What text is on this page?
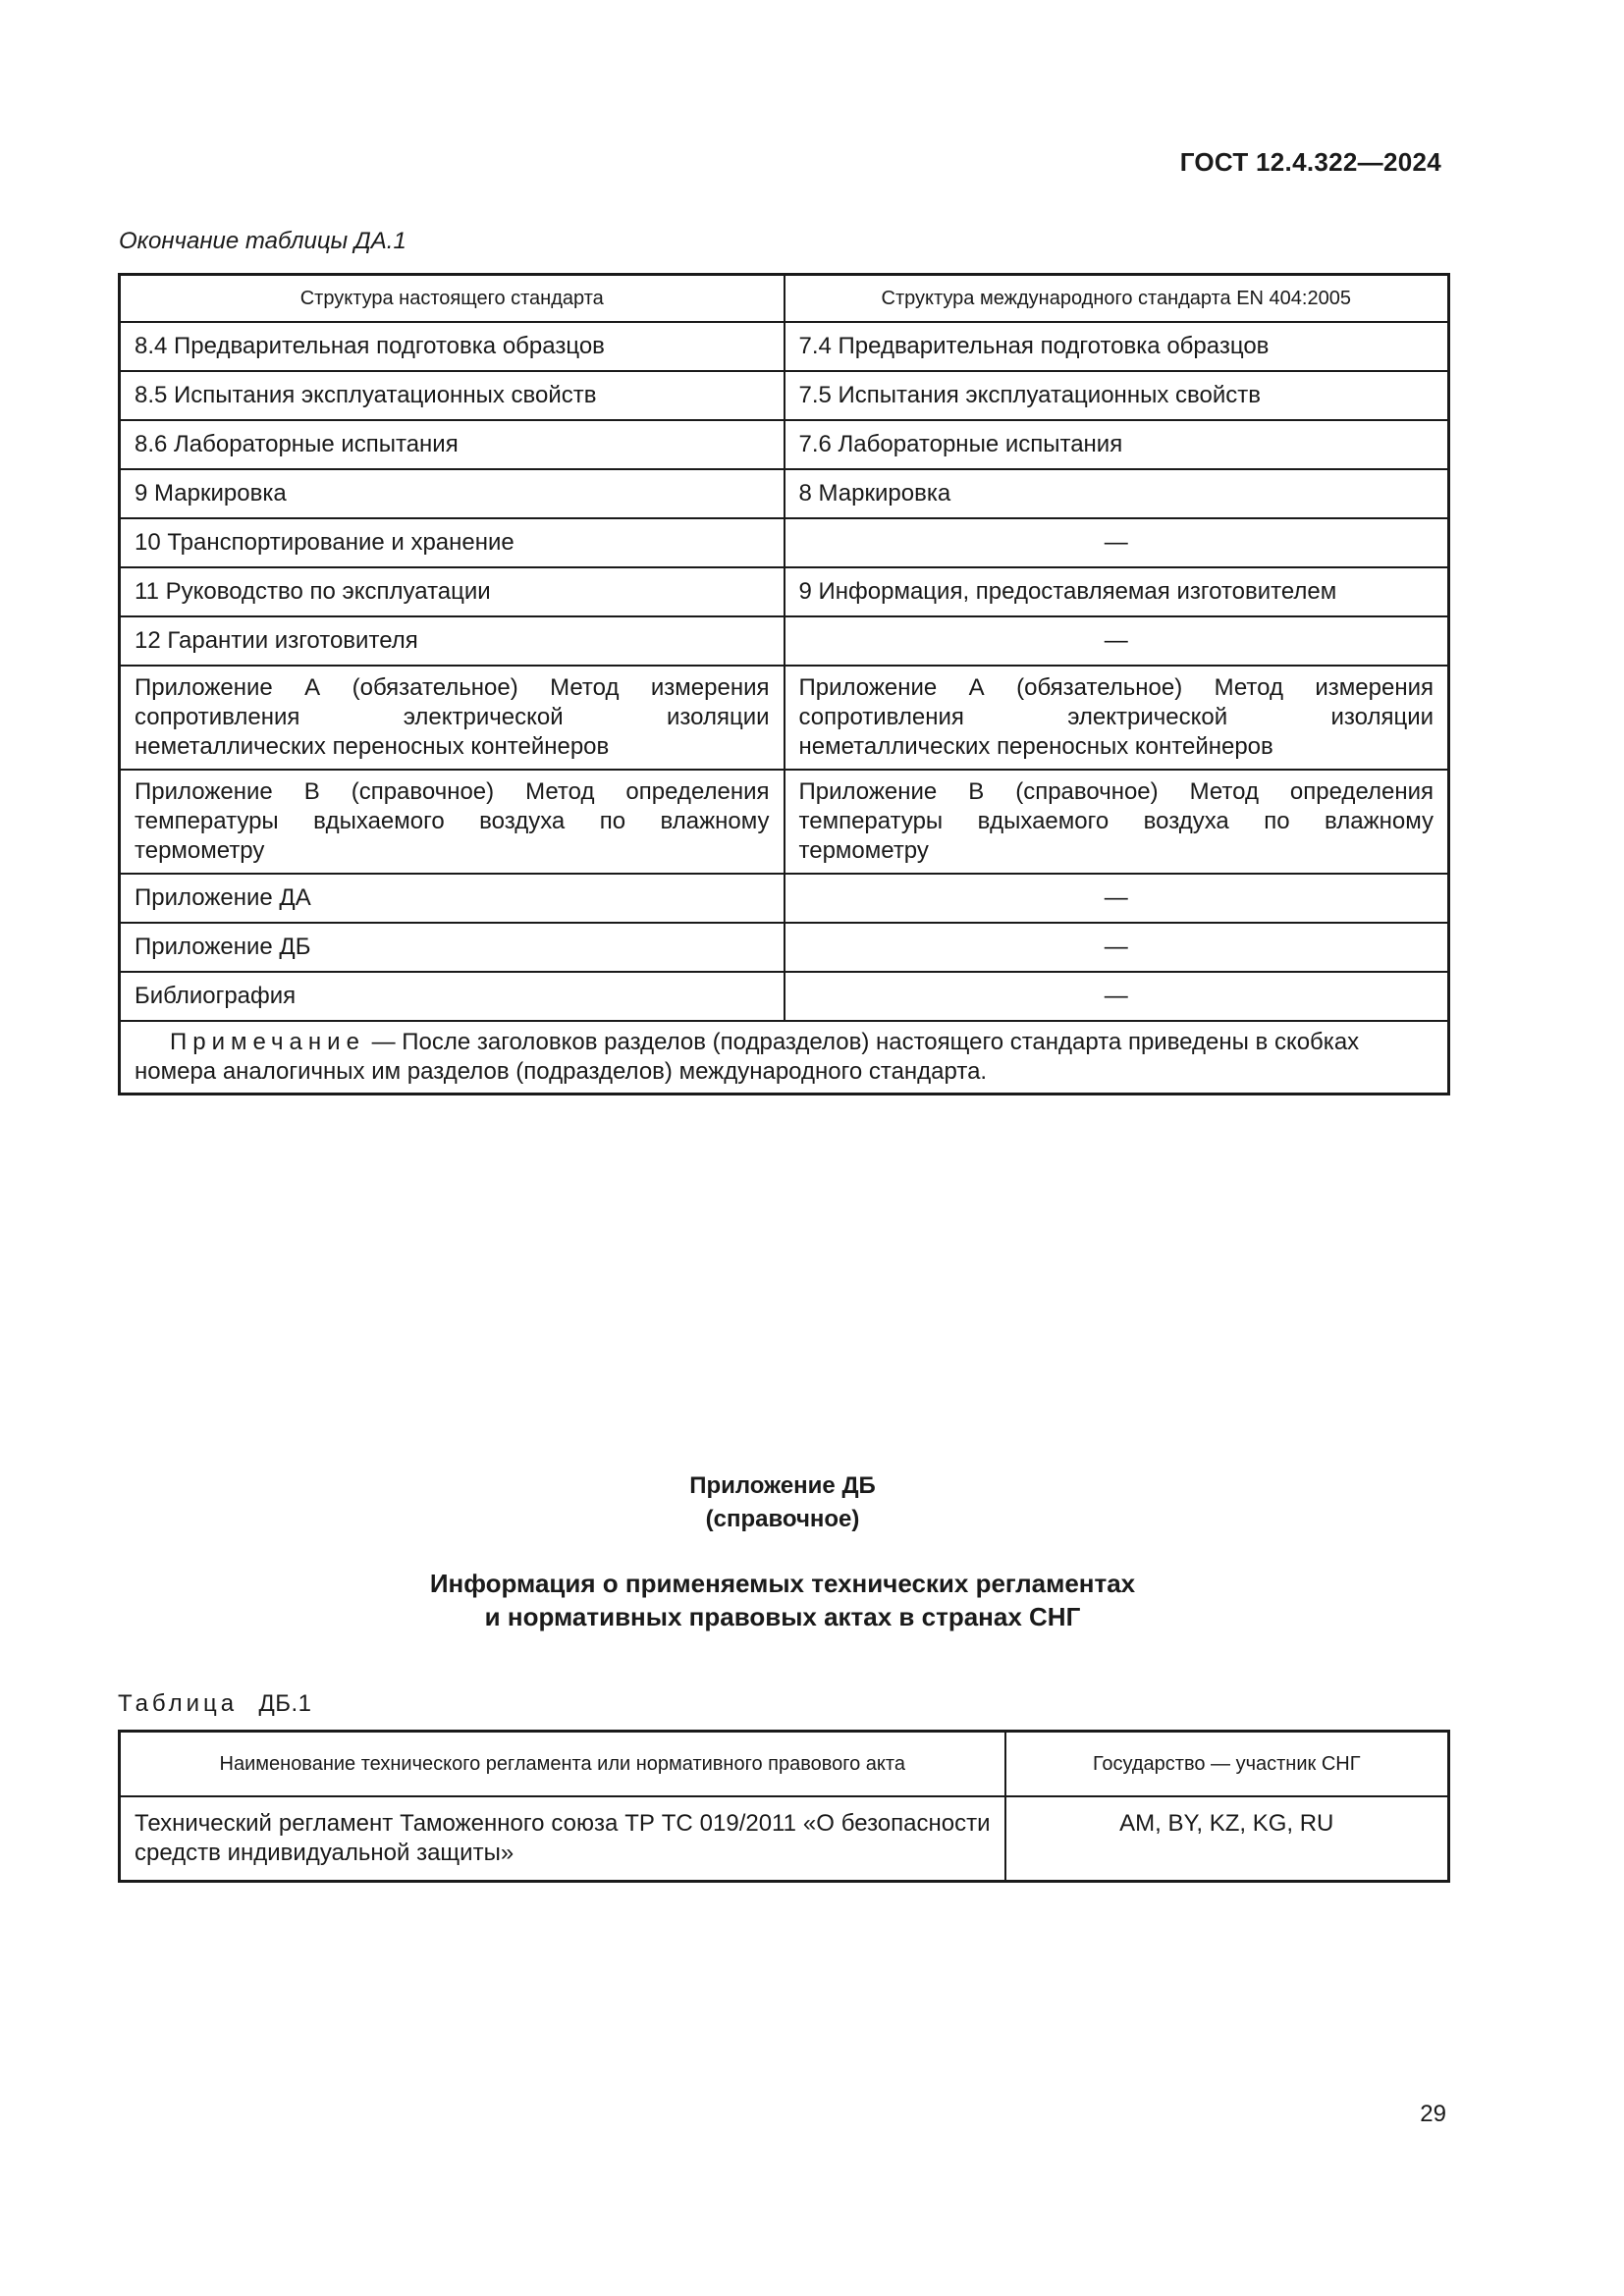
ГОСТ 12.4.322—2024
Окончание таблицы ДА.1
Структура настоящего стандарта	Структура международного стандарта EN 404:2005
8.4 Предварительная подготовка образцов	7.4 Предварительная подготовка образцов
8.5 Испытания эксплуатационных свойств	7.5 Испытания эксплуатационных свойств
8.6 Лабораторные испытания	7.6 Лабораторные испытания
9 Маркировка	8 Маркировка
10 Транспортирование и хранение	—
11 Руководство по эксплуатации	9 Информация, предоставляемая изготовителем
12 Гарантии изготовителя	—
Приложение А (обязательное) Метод измерения сопротивления электрической изоляции неметаллических переносных контейнеров	Приложение А (обязательное) Метод измерения сопротивления электрической изоляции неметаллических переносных контейнеров
Приложение В (справочное) Метод определения температуры вдыхаемого воздуха по влажному термометру	Приложение В (справочное) Метод определения температуры вдыхаемого воздуха по влажному термометру
Приложение ДА	—
Приложение ДБ	—
Библиография	—
Примечание — После заголовков разделов (подразделов) настоящего стандарта приведены в скобках номера аналогичных им разделов (подразделов) международного стандарта.	
Приложение ДБ
(справочное)
Информация о применяемых технических регламентах
и нормативных правовых актах в странах СНГ
Таблица ДБ.1
Наименование технического регламента или нормативного правового акта	Государство — участник СНГ
Технический регламент Таможенного союза ТР ТС 019/2011 «О безопасности средств индивидуальной защиты»	AM, BY, KZ, KG, RU
29
